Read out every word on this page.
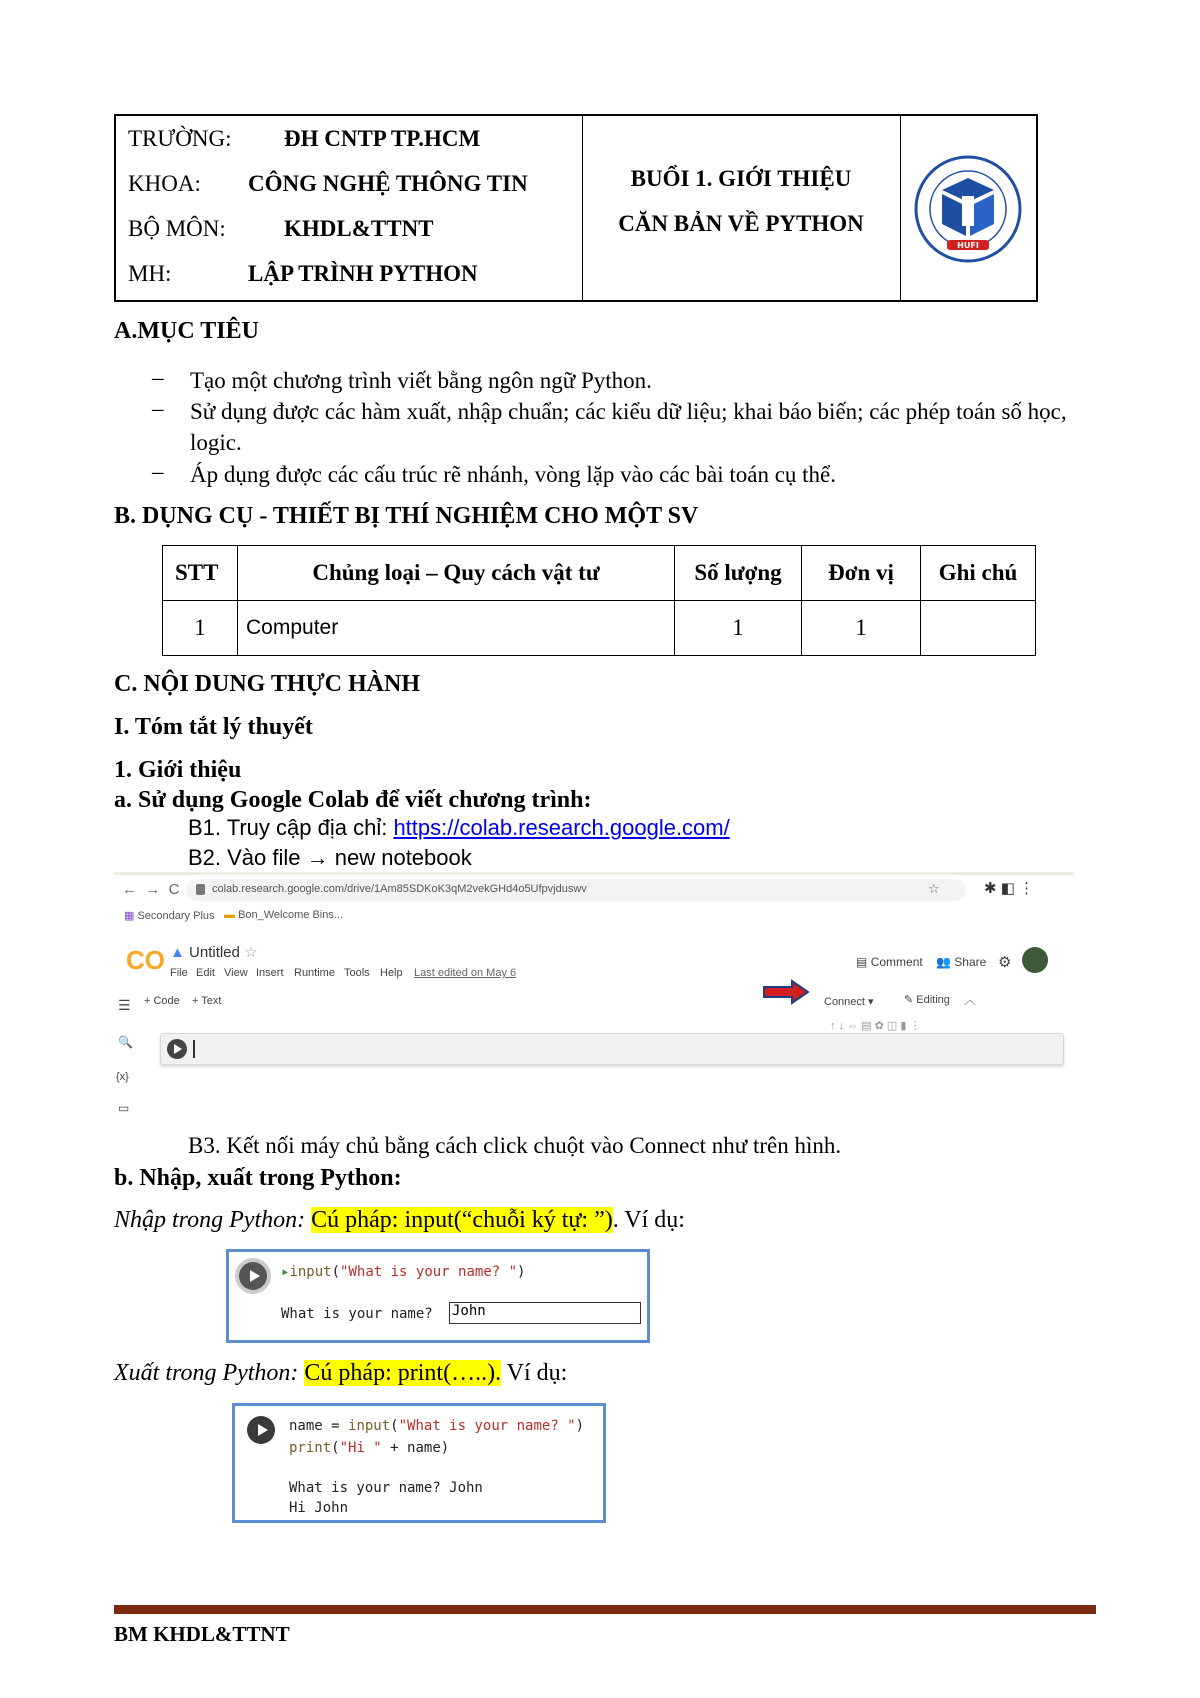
TRƯỜNG: ĐH CNTP TP.HCM
KHOA: CÔNG NGHỆ THÔNG TIN
BỘ MÔN:	KHDL&TTNT
MH:	LẬP TRÌNH PYTHON
BUỔI 1. GIỚI THIỆU
CĂN BẢN VỀ PYTHON
HUFI
A.MỤC TIÊU
– Tạo một chương trình viết bằng ngôn ngữ Python.
– Sử dụng được các hàm xuất, nhập chuẩn; các kiểu dữ liệu; khai báo biến; các phép toán số học, logic.
– Áp dụng được các cấu trúc rẽ nhánh, vòng lặp vào các bài toán cụ thể.
B. DỤNG CỤ - THIẾT BỊ THÍ NGHIỆM CHO MỘT SV
STT	Chủng loại – Quy cách vật tư	Số lượng	Đơn vị	Ghi chú
1	Computer	1	1	
C. NỘI DUNG THỰC HÀNH
I. Tóm tắt lý thuyết
1. Giới thiệu
a. Sử dụng Google Colab để viết chương trình:
B1. Truy cập địa chỉ: https://colab.research.google.com/
B2. Vào file → new notebook
←  →  C	colab.research.google.com/drive/1Am85SDKoK3qM2vekGHd4o5Ufpvjduswv	☆	✱ ◧ ⋮
▦ Secondary Plus ▬ Bon_Welcome Bins...
CO ▲ Untitled ☆
File Edit View Insert Runtime Tools Help Last edited on May 6
▤ Comment 👥 Share ⚙
+ Code + Text	Connect ▾	✎ Editing ︿
☰
🔍
{x}
▭
↑ ↓ ⇔ ▤ ✿ ◫ ▮ ⋮
B3. Kết nối máy chủ bằng cách click chuột vào Connect như trên hình.
b. Nhập, xuất trong Python:
Nhập trong Python: Cú pháp: input(“chuỗi ký tự: ”). Ví dụ:
▸input("What is your name? ")
What is your name? John
Xuất trong Python: Cú pháp: print(…..). Ví dụ:
name = input("What is your name? ")
print("Hi " + name)
What is your name? John
Hi John
BM KHDL&TTNT
